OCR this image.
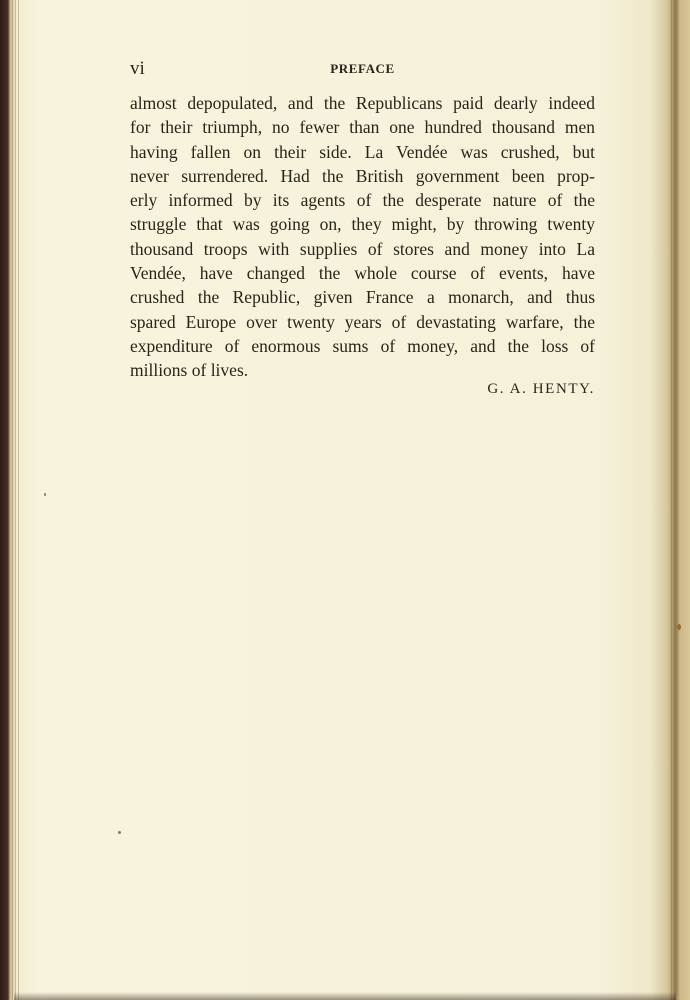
vi	PREFACE
almost depopulated, and the Republicans paid dearly indeed
for their triumph, no fewer than one hundred thousand men
having fallen on their side. La Vendée was crushed, but
never surrendered. Had the British government been prop-
erly informed by its agents of the desperate nature of the
struggle that was going on, they might, by throwing twenty
thousand troops with supplies of stores and money into La
Vendée, have changed the whole course of events, have
crushed the Republic, given France a monarch, and thus
spared Europe over twenty years of devastating warfare, the
expenditure of enormous sums of money, and the loss of
millions of lives.
G. A. HENTY.
